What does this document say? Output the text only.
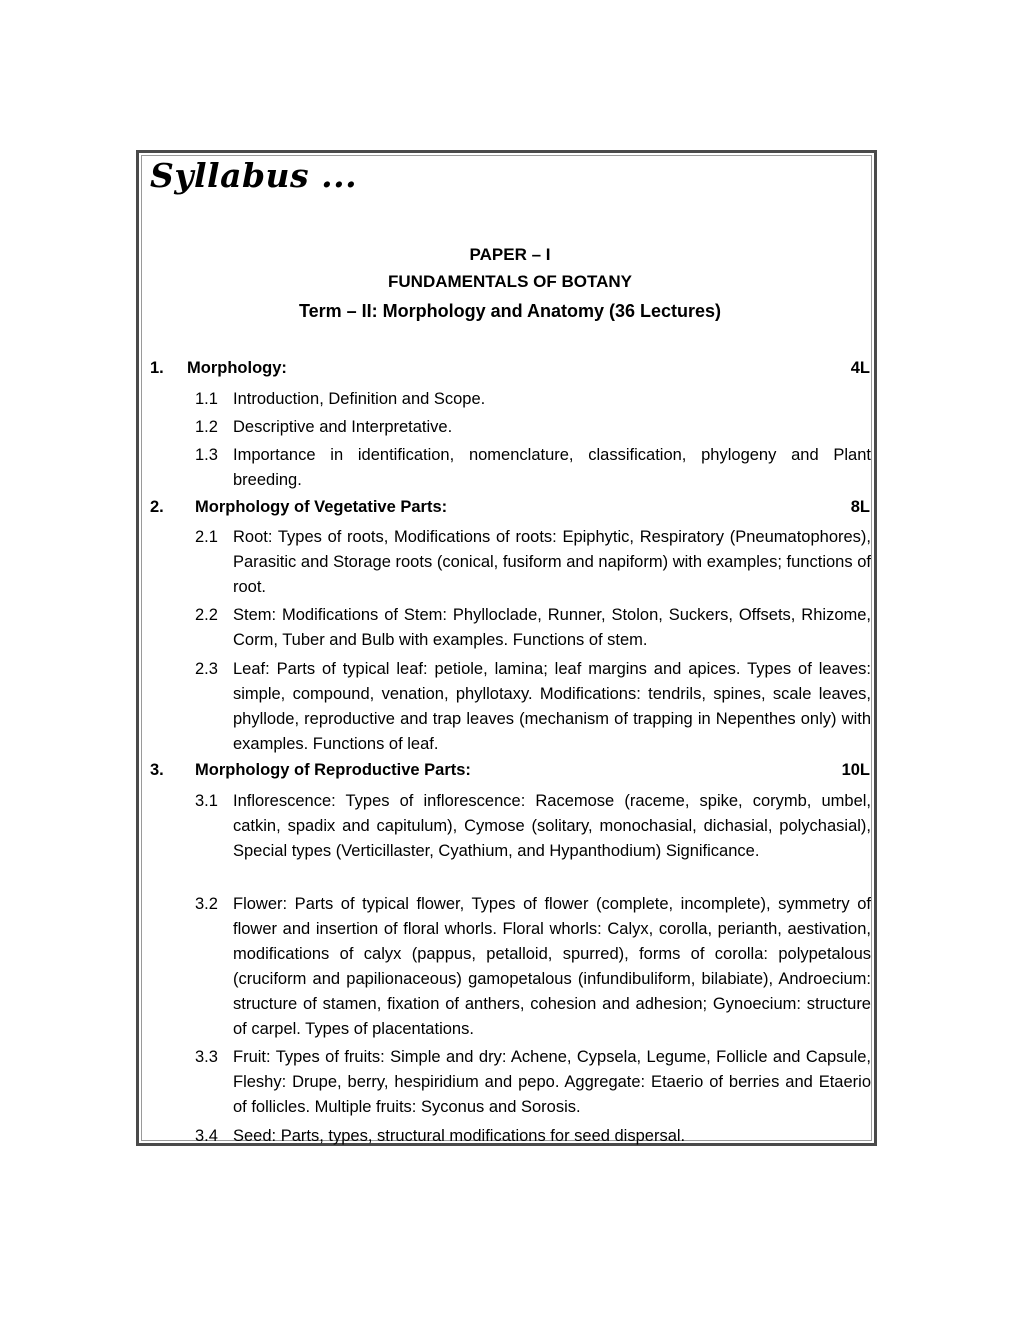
Syllabus ...
PAPER – I
FUNDAMENTALS OF BOTANY
Term – II: Morphology and Anatomy (36 Lectures)
1. Morphology:	4L
1.1 Introduction, Definition and Scope.
1.2 Descriptive and Interpretative.
1.3 Importance in identification, nomenclature, classification, phylogeny and Plant breeding.
2. Morphology of Vegetative Parts:	8L
2.1 Root: Types of roots, Modifications of roots: Epiphytic, Respiratory (Pneumatophores), Parasitic and Storage roots (conical, fusiform and napiform) with examples; functions of root.
2.2 Stem: Modifications of Stem: Phylloclade, Runner, Stolon, Suckers, Offsets, Rhizome, Corm, Tuber and Bulb with examples. Functions of stem.
2.3 Leaf: Parts of typical leaf: petiole, lamina; leaf margins and apices. Types of leaves: simple, compound, venation, phyllotaxy. Modifications: tendrils, spines, scale leaves, phyllode, reproductive and trap leaves (mechanism of trapping in Nepenthes only) with examples. Functions of leaf.
3. Morphology of Reproductive Parts:	10L
3.1 Inflorescence: Types of inflorescence: Racemose (raceme, spike, corymb, umbel, catkin, spadix and capitulum), Cymose (solitary, monochasial, dichasial, polychasial), Special types (Verticillaster, Cyathium, and Hypanthodium) Significance.
3.2 Flower: Parts of typical flower, Types of flower (complete, incomplete), symmetry of flower and insertion of floral whorls. Floral whorls: Calyx, corolla, perianth, aestivation, modifications of calyx (pappus, petalloid, spurred), forms of corolla: polypetalous (cruciform and papilionaceous) gamopetalous (infundibuliform, bilabiate), Androecium: structure of stamen, fixation of anthers, cohesion and adhesion; Gynoecium: structure of carpel. Types of placentations.
3.3 Fruit: Types of fruits: Simple and dry: Achene, Cypsela, Legume, Follicle and Capsule, Fleshy: Drupe, berry, hespiridium and pepo. Aggregate: Etaerio of berries and Etaerio of follicles. Multiple fruits: Syconus and Sorosis.
3.4 Seed: Parts, types, structural modifications for seed dispersal.
